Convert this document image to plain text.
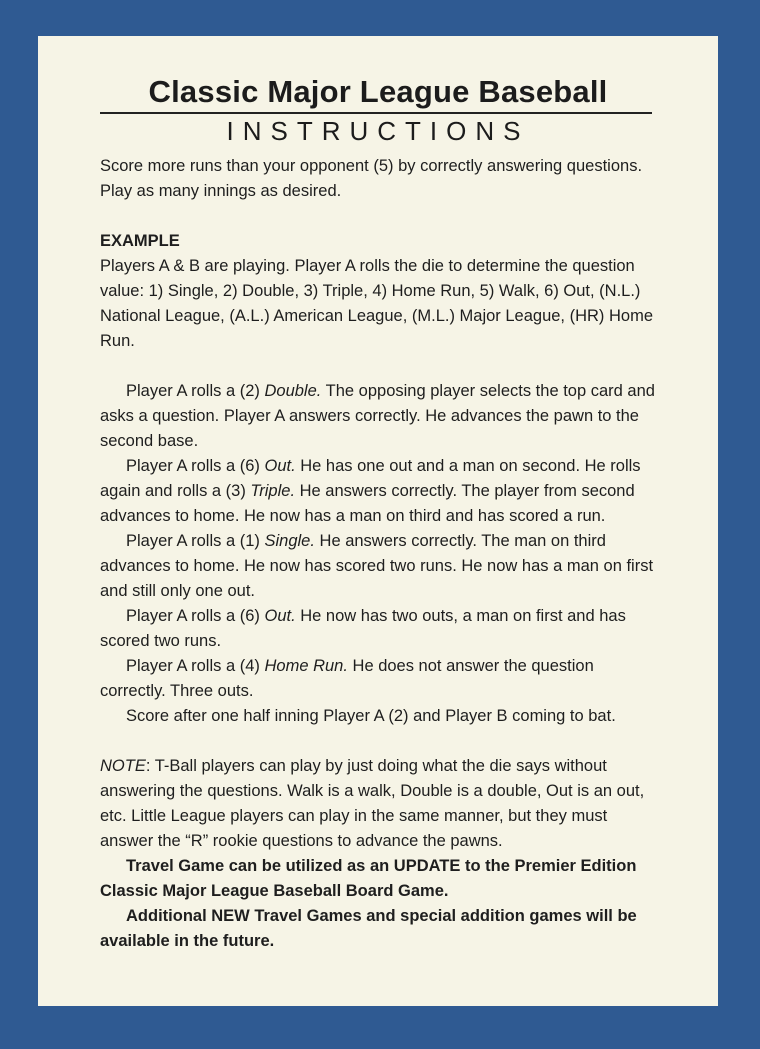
Classic Major League Baseball
INSTRUCTIONS

Score more runs than your opponent (5) by correctly answering questions. Play as many innings as desired.

EXAMPLE

Players A & B are playing. Player A rolls the die to determine the question value: 1) Single, 2) Double, 3) Triple, 4) Home Run, 5) Walk, 6) Out, (N.L.) National League, (A.L.) American League, (M.L.) Major League, (HR) Home Run.

Player A rolls a (2) Double. The opposing player selects the top card and asks a question. Player A answers correctly. He advances the pawn to the second base.

Player A rolls a (6) Out. He has one out and a man on second. He rolls again and rolls a (3) Triple. He answers correctly. The player from second advances to home. He now has a man on third and has scored a run.

Player A rolls a (1) Single. He answers correctly. The man on third advances to home. He now has scored two runs. He now has a man on first and still only one out.

Player A rolls a (6) Out. He now has two outs, a man on first and has scored two runs.

Player A rolls a (4) Home Run. He does not answer the question correctly. Three outs.

Score after one half inning Player A (2) and Player B coming to bat.

NOTE: T-Ball players can play by just doing what the die says without answering the questions. Walk is a walk, Double is a double, Out is an out, etc. Little League players can play in the same manner, but they must answer the “R” rookie questions to advance the pawns.

Travel Game can be utilized as an UPDATE to the Premier Edition Classic Major League Baseball Board Game.

Additional NEW Travel Games and special addition games will be available in the future.
